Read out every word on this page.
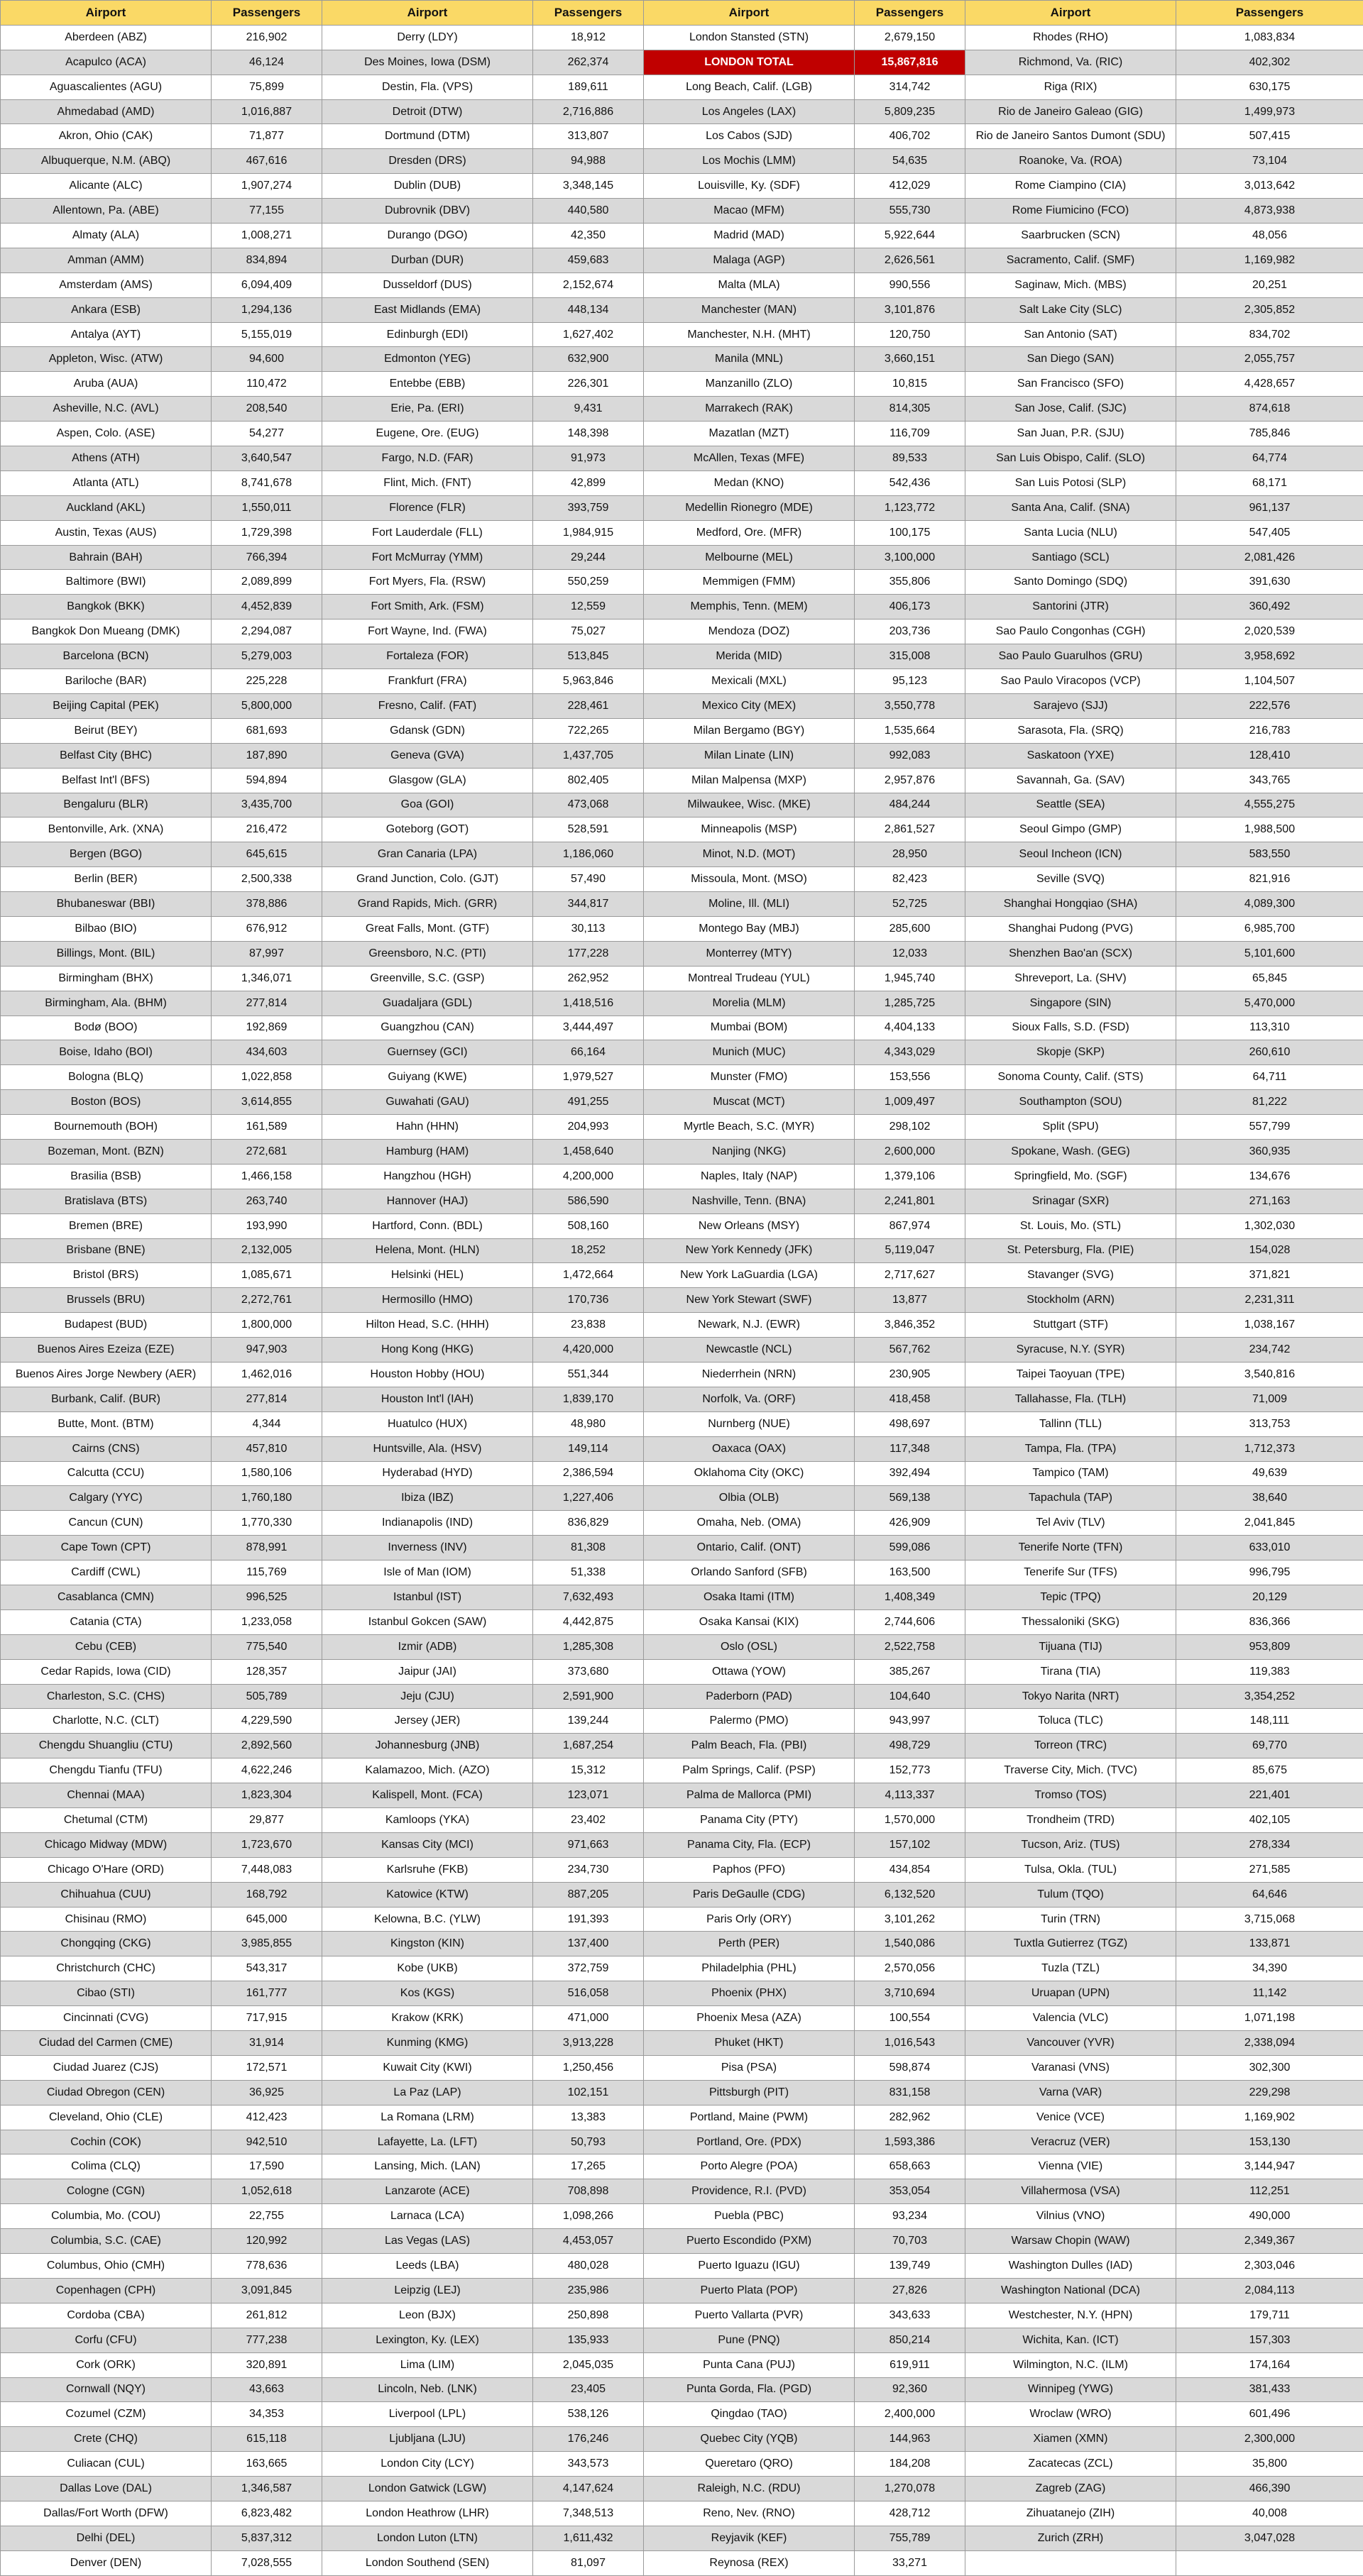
Airport	Passengers	Airport	Passengers	Airport	Passengers	Airport	Passengers
Aberdeen (ABZ)	216,902	Derry (LDY)	18,912	London Stansted (STN)	2,679,150	Rhodes (RHO)	1,083,834
Acapulco (ACA)	46,124	Des Moines, Iowa (DSM)	262,374	LONDON TOTAL	15,867,816	Richmond, Va. (RIC)	402,302
Aguascalientes (AGU)	75,899	Destin, Fla. (VPS)	189,611	Long Beach, Calif. (LGB)	314,742	Riga (RIX)	630,175
Ahmedabad (AMD)	1,016,887	Detroit (DTW)	2,716,886	Los Angeles (LAX)	5,809,235	Rio de Janeiro Galeao (GIG)	1,499,973
Akron, Ohio (CAK)	71,877	Dortmund (DTM)	313,807	Los Cabos (SJD)	406,702	Rio de Janeiro Santos Dumont (SDU)	507,415
Albuquerque, N.M. (ABQ)	467,616	Dresden (DRS)	94,988	Los Mochis (LMM)	54,635	Roanoke, Va. (ROA)	73,104
Alicante (ALC)	1,907,274	Dublin (DUB)	3,348,145	Louisville, Ky. (SDF)	412,029	Rome Ciampino (CIA)	3,013,642
Allentown, Pa. (ABE)	77,155	Dubrovnik (DBV)	440,580	Macao (MFM)	555,730	Rome Fiumicino (FCO)	4,873,938
Almaty (ALA)	1,008,271	Durango (DGO)	42,350	Madrid (MAD)	5,922,644	Saarbrucken (SCN)	48,056
Amman (AMM)	834,894	Durban (DUR)	459,683	Malaga (AGP)	2,626,561	Sacramento, Calif. (SMF)	1,169,982
Amsterdam (AMS)	6,094,409	Dusseldorf (DUS)	2,152,674	Malta (MLA)	990,556	Saginaw, Mich. (MBS)	20,251
Ankara (ESB)	1,294,136	East Midlands (EMA)	448,134	Manchester (MAN)	3,101,876	Salt Lake City (SLC)	2,305,852
Antalya (AYT)	5,155,019	Edinburgh (EDI)	1,627,402	Manchester, N.H. (MHT)	120,750	San Antonio (SAT)	834,702
Appleton, Wisc. (ATW)	94,600	Edmonton (YEG)	632,900	Manila (MNL)	3,660,151	San Diego (SAN)	2,055,757
Aruba (AUA)	110,472	Entebbe (EBB)	226,301	Manzanillo (ZLO)	10,815	San Francisco (SFO)	4,428,657
Asheville, N.C. (AVL)	208,540	Erie, Pa. (ERI)	9,431	Marrakech (RAK)	814,305	San Jose, Calif. (SJC)	874,618
Aspen, Colo. (ASE)	54,277	Eugene, Ore. (EUG)	148,398	Mazatlan (MZT)	116,709	San Juan, P.R. (SJU)	785,846
Athens (ATH)	3,640,547	Fargo, N.D. (FAR)	91,973	McAllen, Texas (MFE)	89,533	San Luis Obispo, Calif. (SLO)	64,774
Atlanta (ATL)	8,741,678	Flint, Mich. (FNT)	42,899	Medan (KNO)	542,436	San Luis Potosi (SLP)	68,171
Auckland (AKL)	1,550,011	Florence (FLR)	393,759	Medellin Rionegro (MDE)	1,123,772	Santa Ana, Calif. (SNA)	961,137
Austin, Texas (AUS)	1,729,398	Fort Lauderdale (FLL)	1,984,915	Medford, Ore. (MFR)	100,175	Santa Lucia (NLU)	547,405
Bahrain (BAH)	766,394	Fort McMurray (YMM)	29,244	Melbourne (MEL)	3,100,000	Santiago (SCL)	2,081,426
Baltimore (BWI)	2,089,899	Fort Myers, Fla. (RSW)	550,259	Memmigen (FMM)	355,806	Santo Domingo (SDQ)	391,630
Bangkok (BKK)	4,452,839	Fort Smith, Ark. (FSM)	12,559	Memphis, Tenn. (MEM)	406,173	Santorini (JTR)	360,492
Bangkok Don Mueang (DMK)	2,294,087	Fort Wayne, Ind. (FWA)	75,027	Mendoza (DOZ)	203,736	Sao Paulo Congonhas (CGH)	2,020,539
Barcelona (BCN)	5,279,003	Fortaleza (FOR)	513,845	Merida (MID)	315,008	Sao Paulo Guarulhos (GRU)	3,958,692
Bariloche (BAR)	225,228	Frankfurt (FRA)	5,963,846	Mexicali (MXL)	95,123	Sao Paulo Viracopos (VCP)	1,104,507
Beijing Capital (PEK)	5,800,000	Fresno, Calif. (FAT)	228,461	Mexico City (MEX)	3,550,778	Sarajevo (SJJ)	222,576
Beirut (BEY)	681,693	Gdansk (GDN)	722,265	Milan Bergamo (BGY)	1,535,664	Sarasota, Fla. (SRQ)	216,783
Belfast City (BHC)	187,890	Geneva (GVA)	1,437,705	Milan Linate (LIN)	992,083	Saskatoon (YXE)	128,410
Belfast Int'l (BFS)	594,894	Glasgow (GLA)	802,405	Milan Malpensa (MXP)	2,957,876	Savannah, Ga. (SAV)	343,765
Bengaluru (BLR)	3,435,700	Goa (GOI)	473,068	Milwaukee, Wisc. (MKE)	484,244	Seattle (SEA)	4,555,275
Bentonville, Ark. (XNA)	216,472	Goteborg (GOT)	528,591	Minneapolis (MSP)	2,861,527	Seoul Gimpo (GMP)	1,988,500
Bergen (BGO)	645,615	Gran Canaria (LPA)	1,186,060	Minot, N.D. (MOT)	28,950	Seoul Incheon (ICN)	583,550
Berlin (BER)	2,500,338	Grand Junction, Colo. (GJT)	57,490	Missoula, Mont. (MSO)	82,423	Seville (SVQ)	821,916
Bhubaneswar (BBI)	378,886	Grand Rapids, Mich. (GRR)	344,817	Moline, Ill. (MLI)	52,725	Shanghai Hongqiao (SHA)	4,089,300
Bilbao (BIO)	676,912	Great Falls, Mont. (GTF)	30,113	Montego Bay (MBJ)	285,600	Shanghai Pudong (PVG)	6,985,700
Billings, Mont. (BIL)	87,997	Greensboro, N.C. (PTI)	177,228	Monterrey (MTY)	12,033	Shenzhen Bao'an (SCX)	5,101,600
Birmingham (BHX)	1,346,071	Greenville, S.C. (GSP)	262,952	Montreal Trudeau (YUL)	1,945,740	Shreveport, La. (SHV)	65,845
Birmingham, Ala. (BHM)	277,814	Guadaljara (GDL)	1,418,516	Morelia (MLM)	1,285,725	Singapore (SIN)	5,470,000
Bodø (BOO)	192,869	Guangzhou (CAN)	3,444,497	Mumbai (BOM)	4,404,133	Sioux Falls, S.D. (FSD)	113,310
Boise, Idaho (BOI)	434,603	Guernsey (GCI)	66,164	Munich (MUC)	4,343,029	Skopje (SKP)	260,610
Bologna (BLQ)	1,022,858	Guiyang (KWE)	1,979,527	Munster (FMO)	153,556	Sonoma County, Calif. (STS)	64,711
Boston (BOS)	3,614,855	Guwahati (GAU)	491,255	Muscat (MCT)	1,009,497	Southampton (SOU)	81,222
Bournemouth (BOH)	161,589	Hahn (HHN)	204,993	Myrtle Beach, S.C. (MYR)	298,102	Split (SPU)	557,799
Bozeman, Mont. (BZN)	272,681	Hamburg (HAM)	1,458,640	Nanjing (NKG)	2,600,000	Spokane, Wash. (GEG)	360,935
Brasilia (BSB)	1,466,158	Hangzhou (HGH)	4,200,000	Naples, Italy (NAP)	1,379,106	Springfield, Mo. (SGF)	134,676
Bratislava (BTS)	263,740	Hannover (HAJ)	586,590	Nashville, Tenn. (BNA)	2,241,801	Srinagar (SXR)	271,163
Bremen (BRE)	193,990	Hartford, Conn. (BDL)	508,160	New Orleans (MSY)	867,974	St. Louis, Mo. (STL)	1,302,030
Brisbane (BNE)	2,132,005	Helena, Mont. (HLN)	18,252	New York Kennedy (JFK)	5,119,047	St. Petersburg, Fla. (PIE)	154,028
Bristol (BRS)	1,085,671	Helsinki (HEL)	1,472,664	New York LaGuardia (LGA)	2,717,627	Stavanger (SVG)	371,821
Brussels (BRU)	2,272,761	Hermosillo (HMO)	170,736	New York Stewart (SWF)	13,877	Stockholm (ARN)	2,231,311
Budapest (BUD)	1,800,000	Hilton Head, S.C. (HHH)	23,838	Newark, N.J. (EWR)	3,846,352	Stuttgart (STF)	1,038,167
Buenos Aires Ezeiza (EZE)	947,903	Hong Kong (HKG)	4,420,000	Newcastle (NCL)	567,762	Syracuse, N.Y. (SYR)	234,742
Buenos Aires Jorge Newbery (AER)	1,462,016	Houston Hobby (HOU)	551,344	Niederrhein (NRN)	230,905	Taipei Taoyuan (TPE)	3,540,816
Burbank, Calif. (BUR)	277,814	Houston Int'l (IAH)	1,839,170	Norfolk, Va. (ORF)	418,458	Tallahasse, Fla. (TLH)	71,009
Butte, Mont. (BTM)	4,344	Huatulco (HUX)	48,980	Nurnberg (NUE)	498,697	Tallinn (TLL)	313,753
Cairns (CNS)	457,810	Huntsville, Ala. (HSV)	149,114	Oaxaca (OAX)	117,348	Tampa, Fla. (TPA)	1,712,373
Calcutta (CCU)	1,580,106	Hyderabad (HYD)	2,386,594	Oklahoma City (OKC)	392,494	Tampico (TAM)	49,639
Calgary (YYC)	1,760,180	Ibiza (IBZ)	1,227,406	Olbia (OLB)	569,138	Tapachula (TAP)	38,640
Cancun (CUN)	1,770,330	Indianapolis (IND)	836,829	Omaha, Neb. (OMA)	426,909	Tel Aviv (TLV)	2,041,845
Cape Town (CPT)	878,991	Inverness (INV)	81,308	Ontario, Calif. (ONT)	599,086	Tenerife Norte (TFN)	633,010
Cardiff (CWL)	115,769	Isle of Man (IOM)	51,338	Orlando Sanford (SFB)	163,500	Tenerife Sur (TFS)	996,795
Casablanca (CMN)	996,525	Istanbul (IST)	7,632,493	Osaka Itami (ITM)	1,408,349	Tepic (TPQ)	20,129
Catania (CTA)	1,233,058	Istanbul Gokcen (SAW)	4,442,875	Osaka Kansai (KIX)	2,744,606	Thessaloniki (SKG)	836,366
Cebu (CEB)	775,540	Izmir (ADB)	1,285,308	Oslo (OSL)	2,522,758	Tijuana (TIJ)	953,809
Cedar Rapids, Iowa (CID)	128,357	Jaipur (JAI)	373,680	Ottawa (YOW)	385,267	Tirana (TIA)	119,383
Charleston, S.C. (CHS)	505,789	Jeju (CJU)	2,591,900	Paderborn (PAD)	104,640	Tokyo Narita (NRT)	3,354,252
Charlotte, N.C. (CLT)	4,229,590	Jersey (JER)	139,244	Palermo (PMO)	943,997	Toluca (TLC)	148,111
Chengdu Shuangliu (CTU)	2,892,560	Johannesburg (JNB)	1,687,254	Palm Beach, Fla. (PBI)	498,729	Torreon (TRC)	69,770
Chengdu Tianfu (TFU)	4,622,246	Kalamazoo, Mich. (AZO)	15,312	Palm Springs, Calif. (PSP)	152,773	Traverse City, Mich. (TVC)	85,675
Chennai (MAA)	1,823,304	Kalispell, Mont. (FCA)	123,071	Palma de Mallorca (PMI)	4,113,337	Tromso (TOS)	221,401
Chetumal (CTM)	29,877	Kamloops (YKA)	23,402	Panama City (PTY)	1,570,000	Trondheim (TRD)	402,105
Chicago Midway (MDW)	1,723,670	Kansas City (MCI)	971,663	Panama City, Fla. (ECP)	157,102	Tucson, Ariz. (TUS)	278,334
Chicago O'Hare (ORD)	7,448,083	Karlsruhe (FKB)	234,730	Paphos (PFO)	434,854	Tulsa, Okla. (TUL)	271,585
Chihuahua (CUU)	168,792	Katowice (KTW)	887,205	Paris DeGaulle (CDG)	6,132,520	Tulum (TQO)	64,646
Chisinau (RMO)	645,000	Kelowna, B.C. (YLW)	191,393	Paris Orly (ORY)	3,101,262	Turin (TRN)	3,715,068
Chongqing (CKG)	3,985,855	Kingston (KIN)	137,400	Perth (PER)	1,540,086	Tuxtla Gutierrez (TGZ)	133,871
Christchurch (CHC)	543,317	Kobe (UKB)	372,759	Philadelphia (PHL)	2,570,056	Tuzla (TZL)	34,390
Cibao (STI)	161,777	Kos (KGS)	516,058	Phoenix (PHX)	3,710,694	Uruapan (UPN)	11,142
Cincinnati (CVG)	717,915	Krakow (KRK)	471,000	Phoenix Mesa (AZA)	100,554	Valencia (VLC)	1,071,198
Ciudad del Carmen (CME)	31,914	Kunming (KMG)	3,913,228	Phuket (HKT)	1,016,543	Vancouver (YVR)	2,338,094
Ciudad Juarez (CJS)	172,571	Kuwait City (KWI)	1,250,456	Pisa (PSA)	598,874	Varanasi (VNS)	302,300
Ciudad Obregon (CEN)	36,925	La Paz (LAP)	102,151	Pittsburgh (PIT)	831,158	Varna (VAR)	229,298
Cleveland, Ohio (CLE)	412,423	La Romana (LRM)	13,383	Portland, Maine (PWM)	282,962	Venice (VCE)	1,169,902
Cochin (COK)	942,510	Lafayette, La. (LFT)	50,793	Portland, Ore. (PDX)	1,593,386	Veracruz (VER)	153,130
Colima (CLQ)	17,590	Lansing, Mich. (LAN)	17,265	Porto Alegre (POA)	658,663	Vienna (VIE)	3,144,947
Cologne (CGN)	1,052,618	Lanzarote (ACE)	708,898	Providence, R.I. (PVD)	353,054	Villahermosa (VSA)	112,251
Columbia, Mo. (COU)	22,755	Larnaca (LCA)	1,098,266	Puebla (PBC)	93,234	Vilnius (VNO)	490,000
Columbia, S.C. (CAE)	120,992	Las Vegas (LAS)	4,453,057	Puerto Escondido (PXM)	70,703	Warsaw Chopin (WAW)	2,349,367
Columbus, Ohio (CMH)	778,636	Leeds (LBA)	480,028	Puerto Iguazu (IGU)	139,749	Washington Dulles (IAD)	2,303,046
Copenhagen (CPH)	3,091,845	Leipzig (LEJ)	235,986	Puerto Plata (POP)	27,826	Washington National (DCA)	2,084,113
Cordoba (CBA)	261,812	Leon (BJX)	250,898	Puerto Vallarta (PVR)	343,633	Westchester, N.Y. (HPN)	179,711
Corfu (CFU)	777,238	Lexington, Ky. (LEX)	135,933	Pune (PNQ)	850,214	Wichita, Kan. (ICT)	157,303
Cork (ORK)	320,891	Lima (LIM)	2,045,035	Punta Cana (PUJ)	619,911	Wilmington, N.C. (ILM)	174,164
Cornwall (NQY)	43,663	Lincoln, Neb. (LNK)	23,405	Punta Gorda, Fla. (PGD)	92,360	Winnipeg (YWG)	381,433
Cozumel (CZM)	34,353	Liverpool (LPL)	538,126	Qingdao (TAO)	2,400,000	Wroclaw (WRO)	601,496
Crete (CHQ)	615,118	Ljubljana (LJU)	176,246	Quebec City (YQB)	144,963	Xiamen (XMN)	2,300,000
Culiacan (CUL)	163,665	London City (LCY)	343,573	Queretaro (QRO)	184,208	Zacatecas (ZCL)	35,800
Dallas Love (DAL)	1,346,587	London Gatwick (LGW)	4,147,624	Raleigh, N.C. (RDU)	1,270,078	Zagreb (ZAG)	466,390
Dallas/Fort Worth (DFW)	6,823,482	London Heathrow (LHR)	7,348,513	Reno, Nev. (RNO)	428,712	Zihuatanejo (ZIH)	40,008
Delhi (DEL)	5,837,312	London Luton (LTN)	1,611,432	Reyjavik (KEF)	755,789	Zurich (ZRH)	3,047,028
Denver (DEN)	7,028,555	London Southend (SEN)	81,097	Reynosa (REX)	33,271
